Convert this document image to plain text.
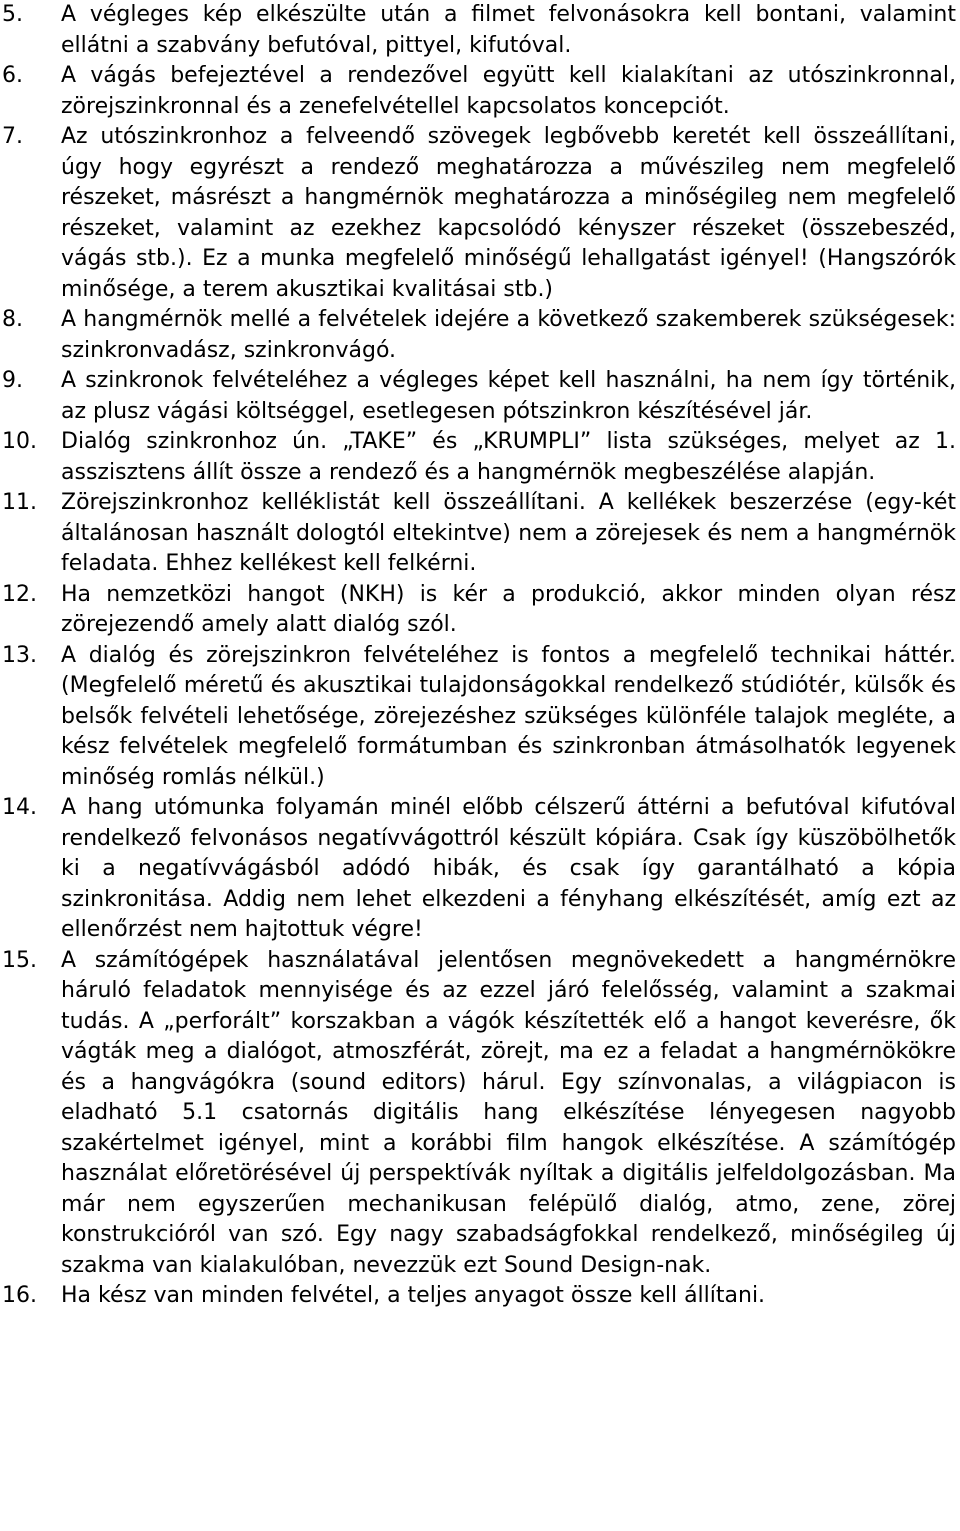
5.	A végleges kép elkészülte után a filmet felvonásokra kell bontani, valamint ellátni a szabvány befutóval, pittyel, kifutóval.
6.	A vágás befejeztével a rendezővel együtt kell kialakítani az utószinkronnal, zörejszinkronnal és a zenefelvétellel kapcsolatos koncepciót.
7.	Az utószinkronhoz a felveendő szövegek legbővebb keretét kell összeállítani, úgy hogy egyrészt a rendező meghatározza a művészileg nem megfelelő részeket, másrészt a hangmérnök meghatározza a minőségileg nem megfelelő részeket, valamint az ezekhez kapcsolódó kényszer részeket (összebeszéd, vágás stb.). Ez a munka megfelelő minőségű lehallgatást igényel! (Hangszórók minősége, a terem akusztikai kvalitásai stb.)
8.	A hangmérnök mellé a felvételek idejére a következő szakemberek szükségesek: szinkronvadász, szinkronvágó.
9.	A szinkronok felvételéhez a végleges képet kell használni, ha nem így történik, az plusz vágási költséggel, esetlegesen pótszinkron készítésével jár.
10.	Dialóg szinkronhoz ún. „TAKE” és „KRUMPLI” lista szükséges, melyet az 1. asszisztens állít össze a rendező és a hangmérnök megbeszélése alapján.
11.	Zörejszinkronhoz kelléklistát kell összeállítani. A kellékek beszerzése (egy-két általánosan használt dologtól eltekintve) nem a zörejesek és nem a hangmérnök feladata. Ehhez kellékest kell felkérni.
12.	Ha nemzetközi hangot (NKH) is kér a produkció, akkor minden olyan rész zörejezendő amely alatt dialóg szól.
13.	A dialóg és zörejszinkron felvételéhez is fontos a megfelelő technikai háttér. (Megfelelő méretű és akusztikai tulajdonságokkal rendelkező stúdiótér, külsők és belsők felvételi lehetősége, zörejezéshez szükséges különféle talajok megléte, a kész felvételek megfelelő formátumban és szinkronban átmásolhatók legyenek minőség romlás nélkül.)
14.	A hang utómunka folyamán minél előbb célszerű áttérni a befutóval kifutóval rendelkező felvonásos negatívvágottról készült kópiára. Csak így küszöbölhetők ki a negatívvágásból adódó hibák, és csak így garantálható a kópia szinkronitása. Addig nem lehet elkezdeni a fényhang elkészítését, amíg ezt az ellenőrzést nem hajtottuk végre!
15.	A számítógépek használatával jelentősen megnövekedett a hangmérnökre háruló feladatok mennyisége és az ezzel járó felelősség, valamint a szakmai tudás. A „perforált” korszakban a vágók készítették elő a hangot keverésre, ők vágták meg a dialógot, atmoszférát, zörejt, ma ez a feladat a hangmérnökökre és a hangvágókra (sound editors) hárul. Egy színvonalas, a világpiacon is eladható 5.1 csatornás digitális hang elkészítése lényegesen nagyobb szakértelmet igényel, mint a korábbi film hangok elkészítése. A számítógép használat előretörésével új perspektívák nyíltak a digitális jelfeldolgozásban. Ma már nem egyszerűen mechanikusan felépülő dialóg, atmo, zene, zörej konstrukcióról van szó. Egy nagy szabadságfokkal rendelkező, minőségileg új szakma van kialakulóban, nevezzük ezt Sound Design-nak.
16.	Ha kész van minden felvétel, a teljes anyagot össze kell állítani.
